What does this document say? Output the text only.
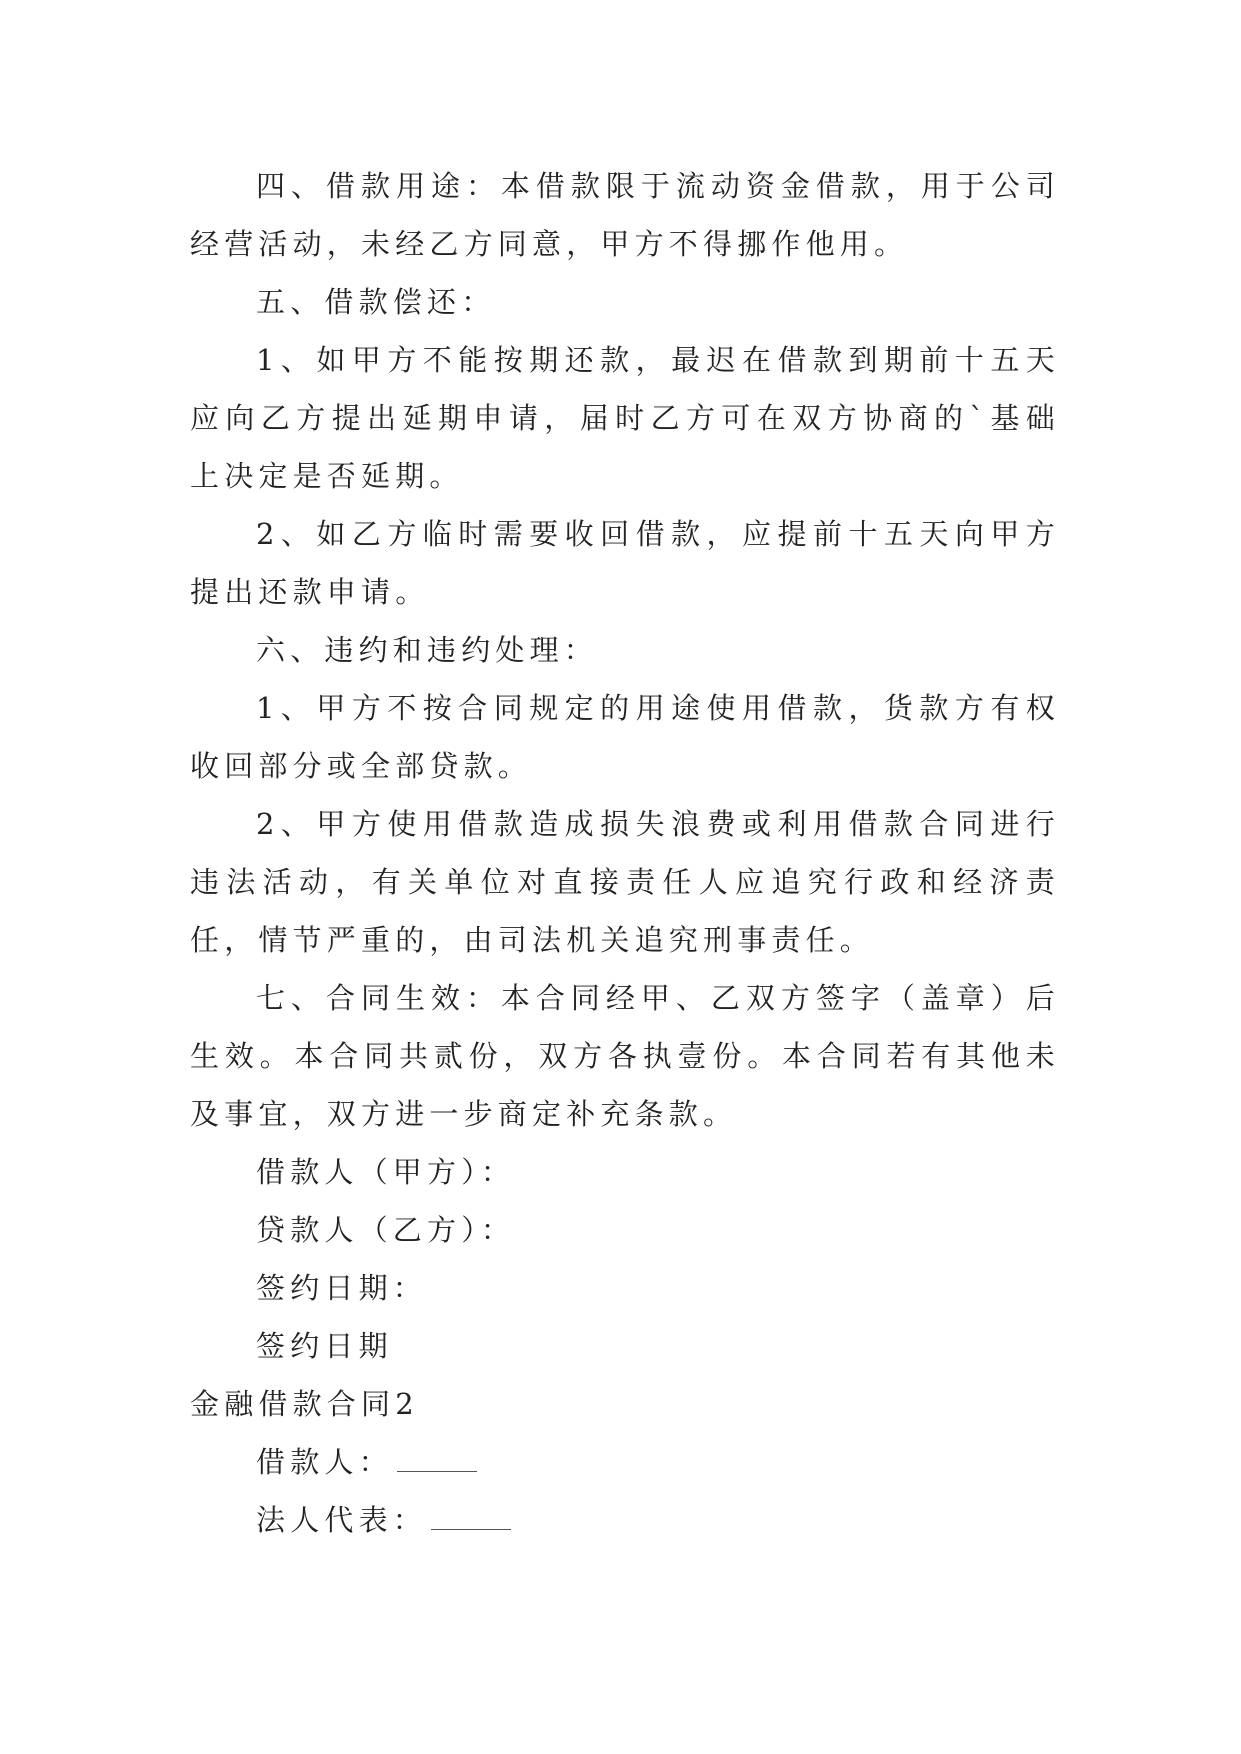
四、借款用途：本借款限于流动资金借款，用于公司经营活动，未经乙方同意，甲方不得挪作他用。

五、借款偿还：

1、如甲方不能按期还款，最迟在借款到期前十五天应向乙方提出延期申请，届时乙方可在双方协商的`基础上决定是否延期。

2、如乙方临时需要收回借款，应提前十五天向甲方提出还款申请。

六、违约和违约处理：

1、甲方不按合同规定的用途使用借款，货款方有权收回部分或全部贷款。

2、甲方使用借款造成损失浪费或利用借款合同进行违法活动，有关单位对直接责任人应追究行政和经济责任，情节严重的，由司法机关追究刑事责任。

七、合同生效：本合同经甲、乙双方签字（盖章）后生效。本合同共贰份，双方各执壹份。本合同若有其他未及事宜，双方进一步商定补充条款。

借款人（甲方）：

贷款人（乙方）：

签约日期：

签约日期

金融借款合同2

借款人：

法人代表：
